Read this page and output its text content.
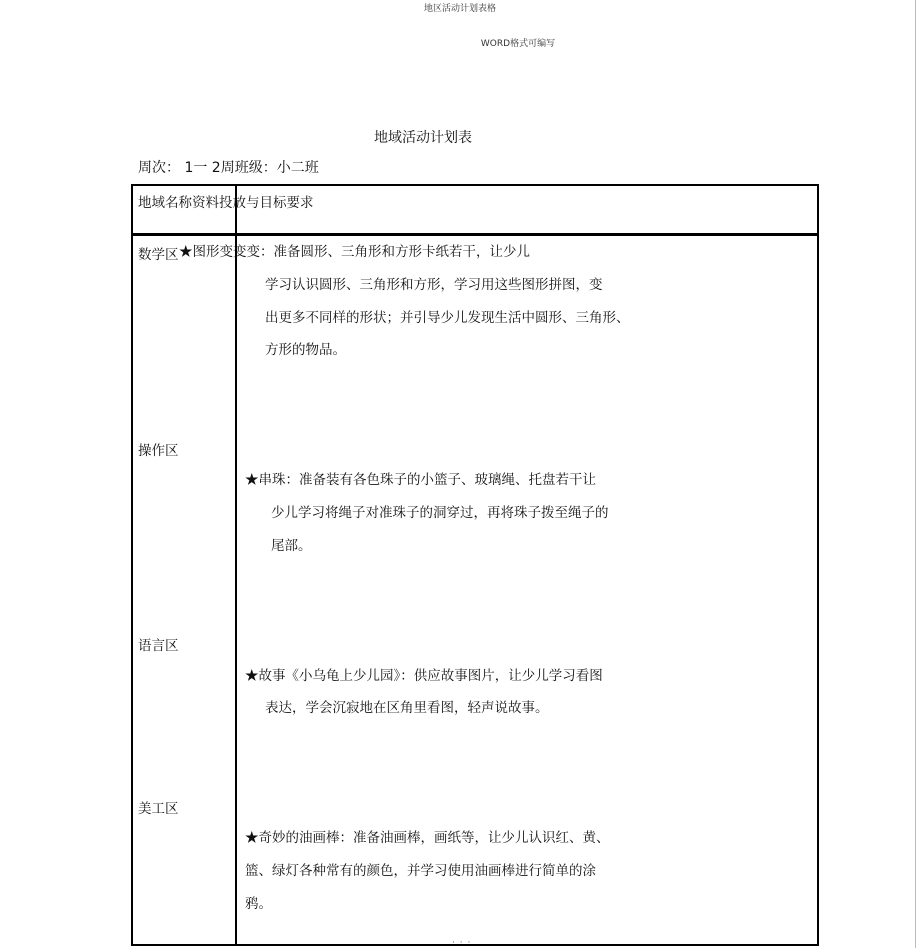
地区活动计划表格
WORD格式可编写
地域活动计划表
周次： 1一 2周班级：小二班
地域名称资料投放与目标要求
数学区 ★图形变变变：准备圆形、三角形和方形卡纸若干，让少儿
学习认识圆形、三角形和方形，学习用这些图形拼图，变
出更多不同样的形状；并引导少儿发现生活中圆形、三角形、
方形的物品。
操作区
★串珠：准备装有各色珠子的小篮子、玻璃绳、托盘若干让
少儿学习将绳子对准珠子的洞穿过，再将珠子拨至绳子的
尾部。
语言区
★故事《小乌龟上少儿园》：供应故事图片，让少儿学习看图
表达，学会沉寂地在区角里看图，轻声说故事。
美工区
★奇妙的油画棒：准备油画棒，画纸等，让少儿认识红、黄、
篮、绿灯各种常有的颜色，并学习使用油画棒进行简单的涂
鸦。
· · ·
